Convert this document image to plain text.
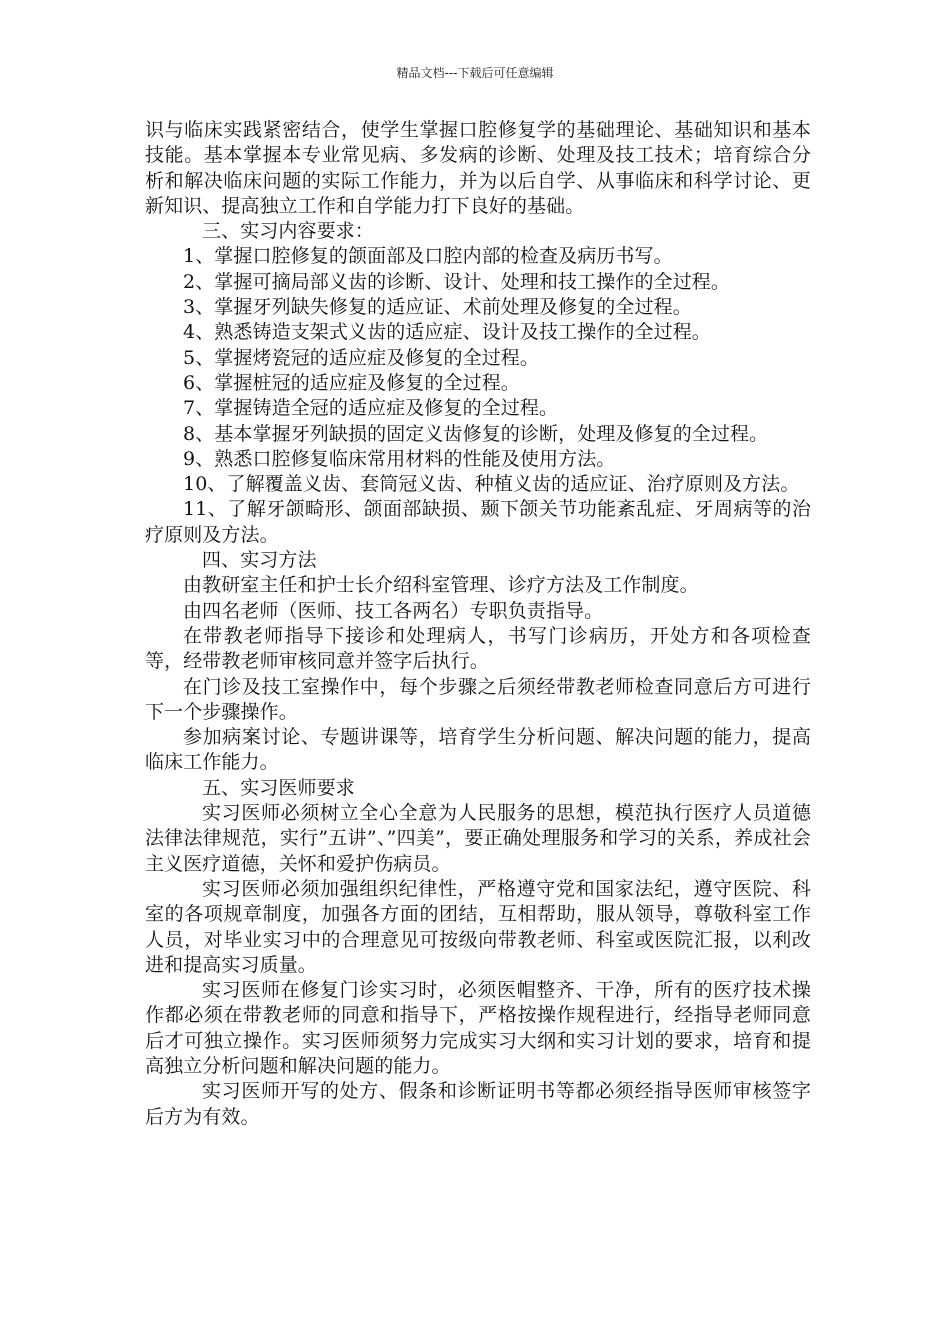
精品文档---下载后可任意编辑

识与临床实践紧密结合，使学生掌握口腔修复学的基础理论、基础知识和基本技能。基本掌握本专业常见病、多发病的诊断、处理及技工技术；培育综合分析和解决临床问题的实际工作能力，并为以后自学、从事临床和科学讨论、更新知识、提高独立工作和自学能力打下良好的基础。

三、实习内容要求：

1、掌握口腔修复的颌面部及口腔内部的检查及病历书写。

2、掌握可摘局部义齿的诊断、设计、处理和技工操作的全过程。

3、掌握牙列缺失修复的适应证、术前处理及修复的全过程。

4、熟悉铸造支架式义齿的适应症、设计及技工操作的全过程。

5、掌握烤瓷冠的适应症及修复的全过程。

6、掌握桩冠的适应症及修复的全过程。

7、掌握铸造全冠的适应症及修复的全过程。

8、基本掌握牙列缺损的固定义齿修复的诊断，处理及修复的全过程。

9、熟悉口腔修复临床常用材料的性能及使用方法。

10、了解覆盖义齿、套筒冠义齿、种植义齿的适应证、治疗原则及方法。

11、了解牙颌畸形、颌面部缺损、颞下颌关节功能紊乱症、牙周病等的治疗原则及方法。

四、实习方法

由教研室主任和护士长介绍科室管理、诊疗方法及工作制度。

由四名老师（医师、技工各两名）专职负责指导。

在带教老师指导下接诊和处理病人，书写门诊病历，开处方和各项检查等，经带教老师审核同意并签字后执行。

在门诊及技工室操作中，每个步骤之后须经带教老师检查同意后方可进行下一个步骤操作。

参加病案讨论、专题讲课等，培育学生分析问题、解决问题的能力，提高临床工作能力。

五、实习医师要求

实习医师必须树立全心全意为人民服务的思想，模范执行医疗人员道德法律法律规范，实行”五讲”、”四美”，要正确处理服务和学习的关系，养成社会主义医疗道德，关怀和爱护伤病员。

实习医师必须加强组织纪律性，严格遵守党和国家法纪，遵守医院、科室的各项规章制度，加强各方面的团结，互相帮助，服从领导，尊敬科室工作人员，对毕业实习中的合理意见可按级向带教老师、科室或医院汇报，以利改进和提高实习质量。

实习医师在修复门诊实习时，必须医帽整齐、干净，所有的医疗技术操作都必须在带教老师的同意和指导下，严格按操作规程进行，经指导老师同意后才可独立操作。实习医师须努力完成实习大纲和实习计划的要求，培育和提高独立分析问题和解决问题的能力。

实习医师开写的处方、假条和诊断证明书等都必须经指导医师审核签字后方为有效。
